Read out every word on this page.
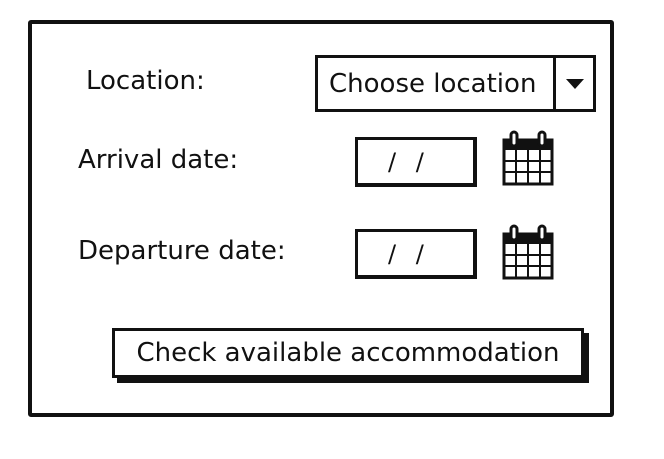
Location:	Choose location
Arrival date:	/ /
Departure date:	/ /
Check available accommodation
